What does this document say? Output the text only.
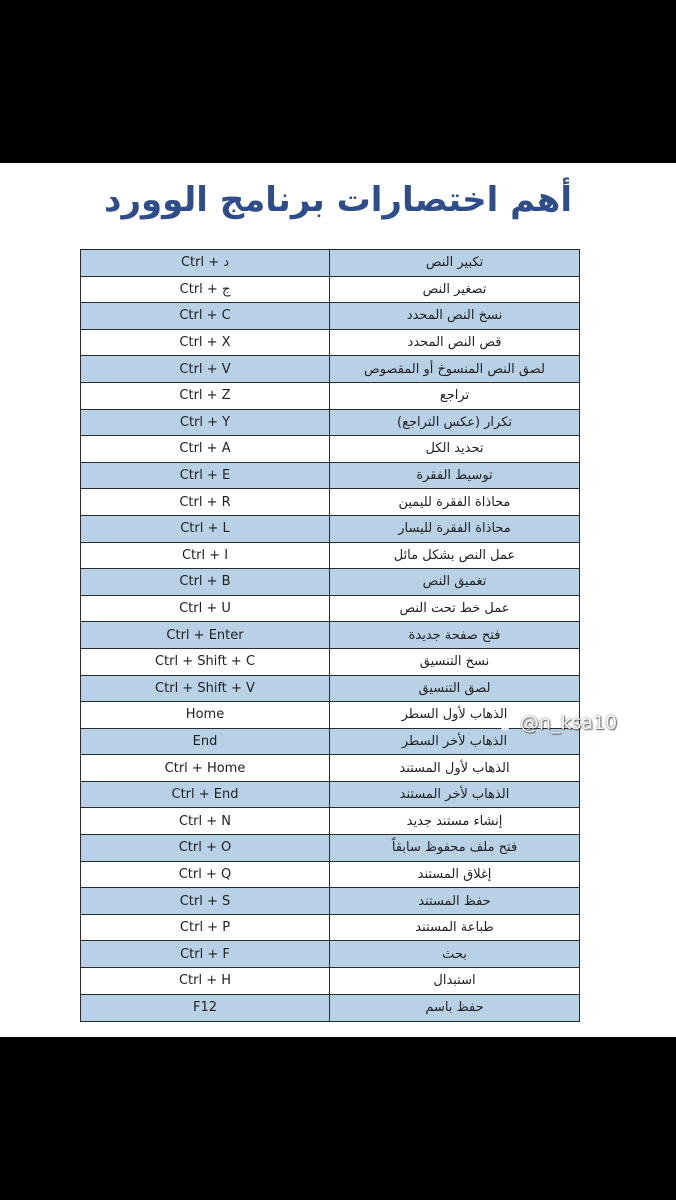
أهم اختصارات برنامج الوورد
Ctrl + د	تكبير النص
Ctrl + ج	تصغير النص
Ctrl + C	نسخ النص المحدد
Ctrl + X	قص النص المحدد
Ctrl + V	لصق النص المنسوخ أو المقصوص
Ctrl + Z	تراجع
Ctrl + Y	تكرار (عكس التراجع)
Ctrl + A	تحديد الكل
Ctrl + E	توسيط الفقرة
Ctrl + R	محاذاة الفقرة لليمين
Ctrl + L	محاذاة الفقرة لليسار
Ctrl + I	عمل النص بشكل مائل
Ctrl + B	تغميق النص
Ctrl + U	عمل خط تحت النص
Ctrl + Enter	فتح صفحة جديدة
Ctrl + Shift + C	نسخ التنسيق
Ctrl + Shift + V	لصق التنسيق
Home	الذهاب لأول السطر
End	الذهاب لأخر السطر
Ctrl + Home	الذهاب لأول المستند
Ctrl + End	الذهاب لأخر المستند
Ctrl + N	إنشاء مستند جديد
Ctrl + O	فتح ملف محفوظ سابقاً
Ctrl + Q	إغلاق المستند
Ctrl + S	حفظ المستند
Ctrl + P	طباعة المستند
Ctrl + F	بحث
Ctrl + H	استبدال
F12	حفظ باسم
@n_ksa10
